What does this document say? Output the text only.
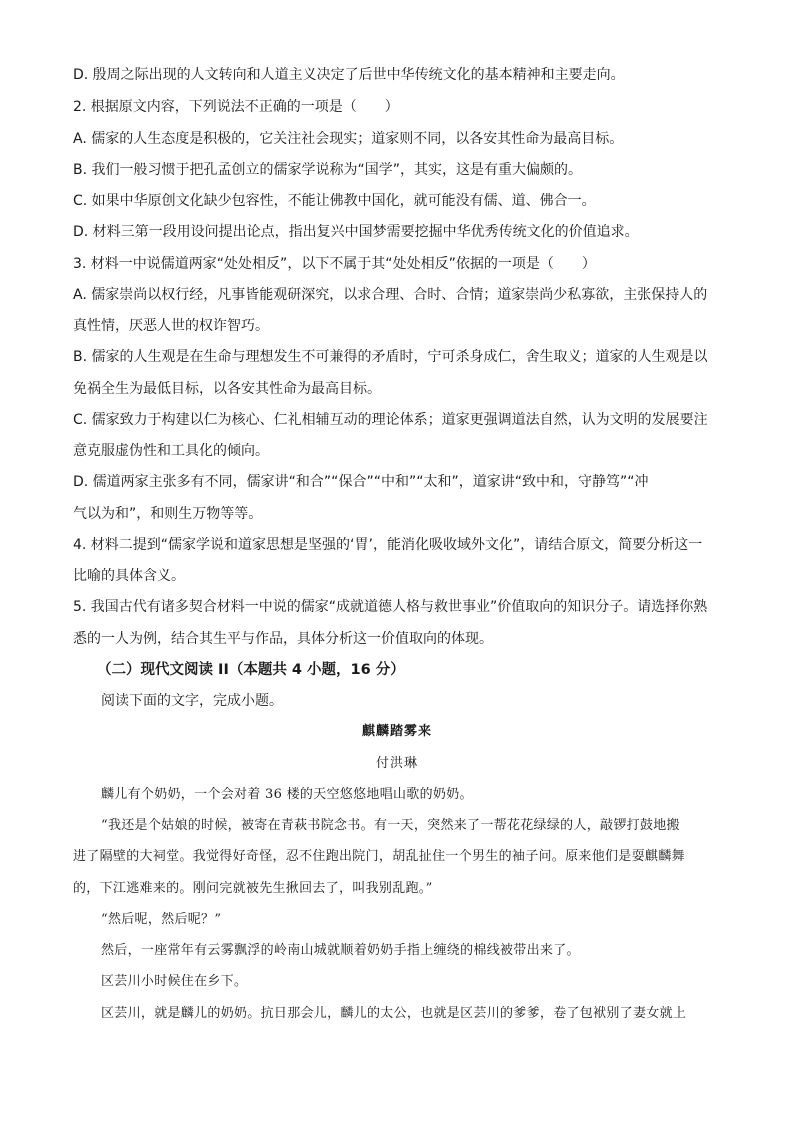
D. 殷周之际出现的人文转向和人道主义决定了后世中华传统文化的基本精神和主要走向。
2. 根据原文内容，下列说法不正确的一项是（　　）
A. 儒家的人生态度是积极的，它关注社会现实；道家则不同，以各安其性命为最高目标。
B. 我们一般习惯于把孔孟创立的儒家学说称为“国学”，其实，这是有重大偏颇的。
C. 如果中华原创文化缺少包容性，不能让佛教中国化，就可能没有儒、道、佛合一。
D. 材料三第一段用设问提出论点，指出复兴中国梦需要挖掘中华优秀传统文化的价值追求。
3. 材料一中说儒道两家“处处相反”，以下不属于其“处处相反”依据的一项是（　　）
A. 儒家崇尚以权行经，凡事皆能观研深究，以求合理、合时、合情；道家崇尚少私寡欲，主张保持人的
真性情，厌恶人世的权诈智巧。
B. 儒家的人生观是在生命与理想发生不可兼得的矛盾时，宁可杀身成仁，舍生取义；道家的人生观是以
免祸全生为最低目标，以各安其性命为最高目标。
C. 儒家致力于构建以仁为核心、仁礼相辅互动的理论体系；道家更强调道法自然，认为文明的发展要注
意克服虚伪性和工具化的倾向。
D. 儒道两家主张多有不同，儒家讲“和合”“保合”“中和”“太和”，道家讲“致中和，守静笃”“冲
气以为和”，和则生万物等等。
4. 材料二提到“儒家学说和道家思想是坚强的‘胃’，能消化吸收域外文化”，请结合原文，简要分析这一
比喻的具体含义。
5. 我国古代有诸多契合材料一中说的儒家“成就道德人格与救世事业”价值取向的知识分子。请选择你熟
悉的一人为例，结合其生平与作品，具体分析这一价值取向的体现。
（二）现代文阅读 II（本题共 4 小题，16 分）
阅读下面的文字，完成小题。
麒麟踏雾来
付洪琳
麟儿有个奶奶，一个会对着 36 楼的天空悠悠地唱山歌的奶奶。
“我还是个姑娘的时候，被寄在青萩书院念书。有一天，突然来了一帮花花绿绿的人，敲锣打鼓地搬
进了隔壁的大祠堂。我觉得好奇怪，忍不住跑出院门，胡乱扯住一个男生的袖子问。原来他们是耍麒麟舞
的，下江逃难来的。刚问完就被先生揪回去了，叫我别乱跑。”
“然后呢，然后呢？”
然后，一座常年有云雾飘浮的岭南山城就顺着奶奶手指上缠绕的棉线被带出来了。
区芸川小时候住在乡下。
区芸川，就是麟儿的奶奶。抗日那会儿，麟儿的太公，也就是区芸川的爹爹，卷了包袱别了妻女就上
